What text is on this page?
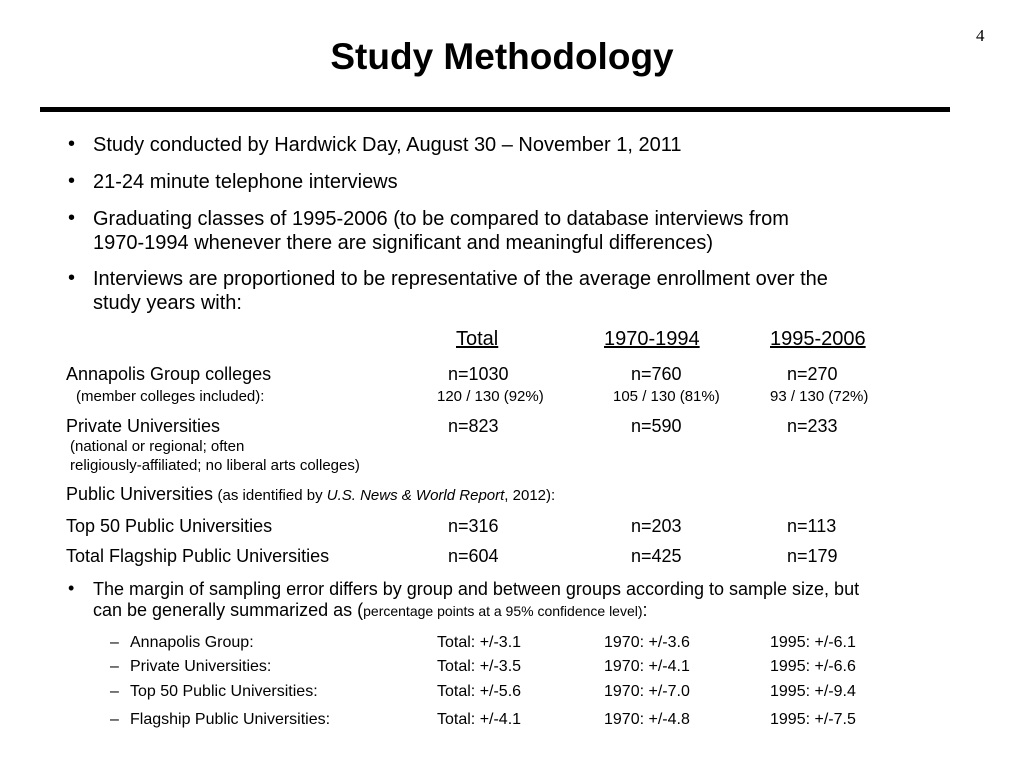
4
Study Methodology
• Study conducted by Hardwick Day, August 30 – November 1, 2011
• 21-24 minute telephone interviews
• Graduating classes of 1995-2006 (to be compared to database interviews from
1970-1994 whenever there are significant and meaningful differences)
• Interviews are proportioned to be representative of the average enrollment over the
study years with:
Total	1970-1994	1995-2006
Annapolis Group colleges	n=1030	n=760	n=270
(member colleges included):	120 / 130 (92%)	105 / 130 (81%)	93 / 130 (72%)
Private Universities	n=823	n=590	n=233
(national or regional; often
religiously-affiliated; no liberal arts colleges)
Public Universities (as identified by U.S. News & World Report, 2012):
Top 50 Public Universities	n=316	n=203	n=113
Total Flagship Public Universities	n=604	n=425	n=179
• The margin of sampling error differs by group and between groups according to sample size, but
can be generally summarized as (percentage points at a 95% confidence level):
– Annapolis Group:	Total: +/-3.1	1970: +/-3.6	1995: +/-6.1
– Private Universities:	Total: +/-3.5	1970: +/-4.1	1995: +/-6.6
– Top 50 Public Universities:	Total: +/-5.6	1970: +/-7.0	1995: +/-9.4
– Flagship Public Universities:	Total: +/-4.1	1970: +/-4.8	1995: +/-7.5
